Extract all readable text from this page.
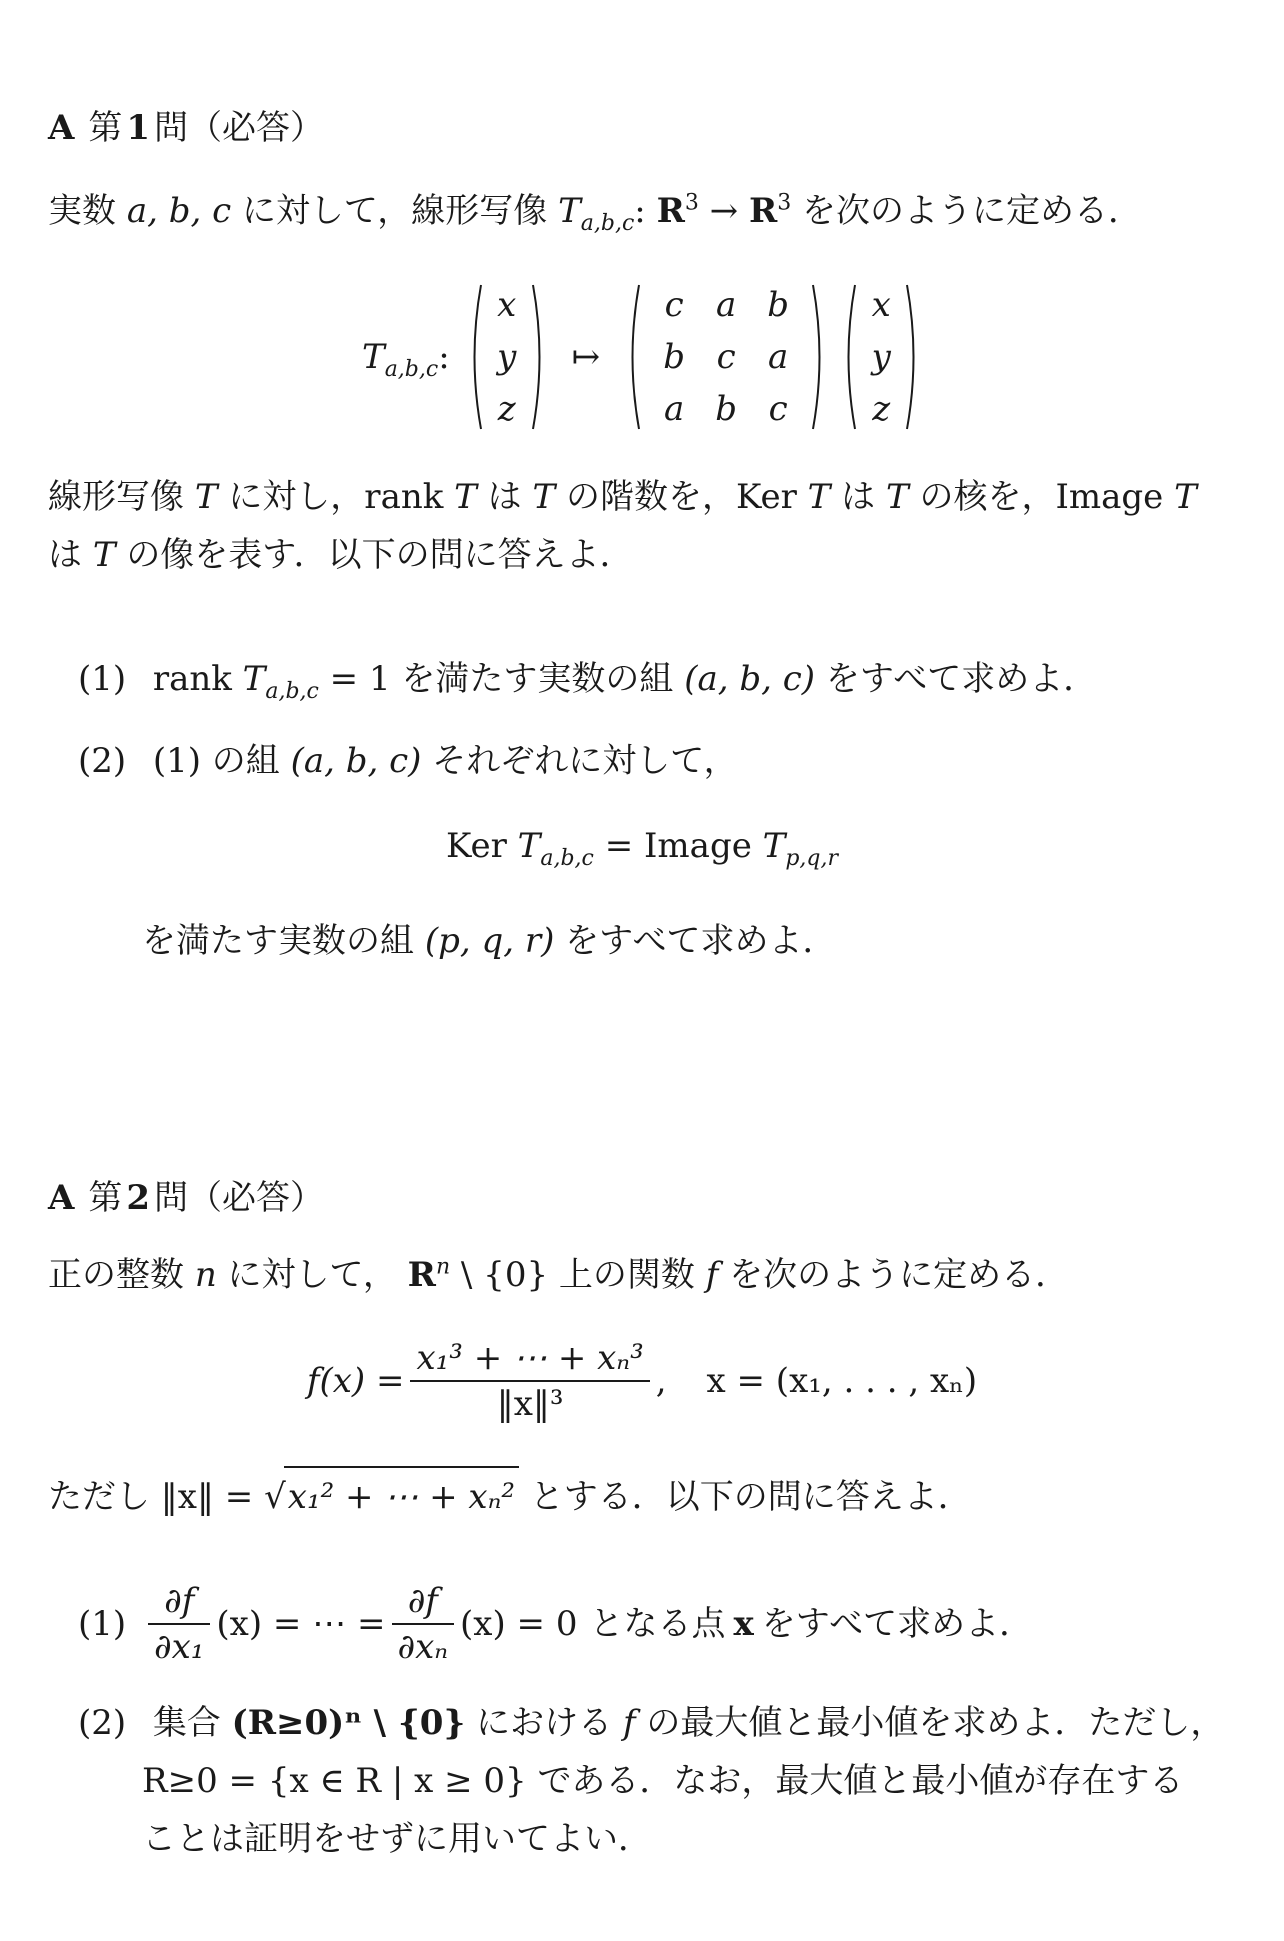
A 第 1 問（必答）
実数 a, b, c に対して，線形写像 $T_{a,b,c}$: $R^3 \to R^3$ を次のように定める．
$T_{a,b,c}$:
x
y
z
↦
c a b
b c a
a b c
x
y
z
線形写像 T に対し，rank T は T の階数を，Ker T は T の核を，Image T
は T の像を表す．以下の問に答えよ．
(1) rank $T_{a,b,c} = 1$ を満たす実数の組 (a, b, c) をすべて求めよ．
(2) (1) の組 (a, b, c) それぞれに対して，
Ker $T_{a,b,c}$ = Image $T_{p,q,r}$
を満たす実数の組 (p, q, r) をすべて求めよ．
A 第 2 問（必答）
正の整数 n に対して， $R^n$ \ {0} 上の関数 f を次のように定める．
$f(x) = \frac{\text{x₁³ + ⋯ + xₙ³}}{\text{‖x‖³}}$ , x = (x₁, . . . , xₙ)
ただし ‖x‖ = √x₁² + ⋯ + xₙ² とする．以下の問に答えよ．
$(1) \frac{\partial f}{\text{∂x₁}} (x)$ = ⋯ = $\frac{\partial f}{\text{∂xₙ}} (x) = 0$ となる点 x をすべて求めよ．
(2) 集合 (R≥0)ⁿ \ {0} における f の最大値と最小値を求めよ．ただし，
R≥0 = {x ∈ R | x ≥ 0} である．なお，最大値と最小値が存在する
ことは証明をせずに用いてよい．
